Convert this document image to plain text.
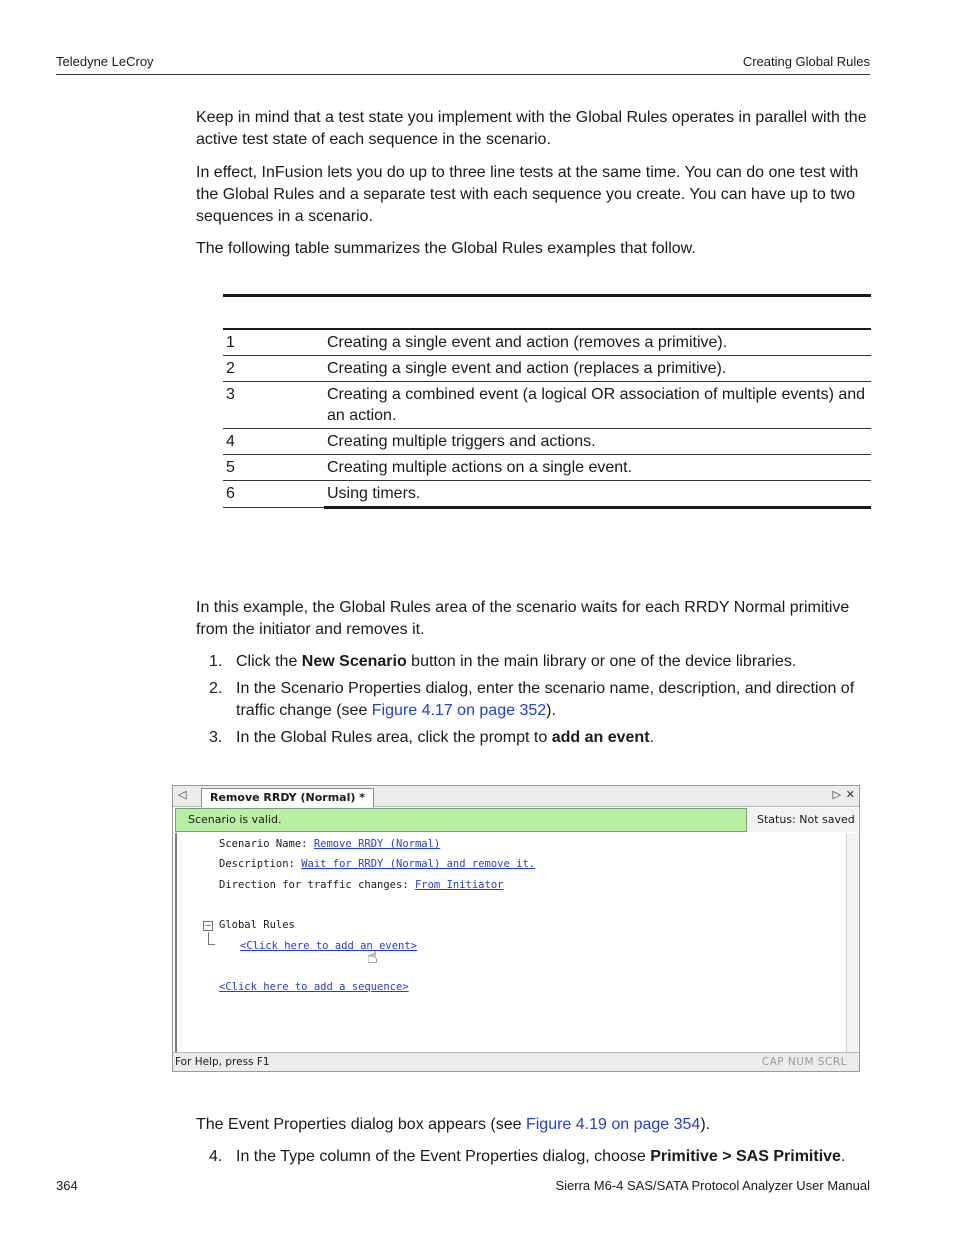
Teledyne LeCroy	Creating Global Rules

Keep in mind that a test state you implement with the Global Rules operates in parallel with the active test state of each sequence in the scenario.

In effect, InFusion lets you do up to three line tests at the same time. You can do one test with the Global Rules and a separate test with each sequence you create. You can have up to two sequences in a scenario.

The following table summarizes the Global Rules examples that follow.

1	Creating a single event and action (removes a primitive).
2	Creating a single event and action (replaces a primitive).
3	Creating a combined event (a logical OR association of multiple events) and an action.
4	Creating multiple triggers and actions.
5	Creating multiple actions on a single event.
6	Using timers.

In this example, the Global Rules area of the scenario waits for each RRDY Normal primitive from the initiator and removes it.

1. Click the New Scenario button in the main library or one of the device libraries.
2. In the Scenario Properties dialog, enter the scenario name, description, and direction of traffic change (see Figure 4.17 on page 352).
3. In the Global Rules area, click the prompt to add an event.
◁	Remove RRDY (Normal) *	▷ ✕
Scenario is valid.	Status: Not saved
Scenario Name: Remove RRDY (Normal)
Description: Wait for RRDY (Normal) and remove it.
Direction for traffic changes: From Initiator
− Global Rules
<Click here to add an event>
☝
<Click here to add a sequence>
For Help, press F1	CAP NUM SCRL
The Event Properties dialog box appears (see Figure 4.19 on page 354).
4. In the Type column of the Event Properties dialog, choose Primitive > SAS Primitive.
364	Sierra M6-4 SAS/SATA Protocol Analyzer User Manual
